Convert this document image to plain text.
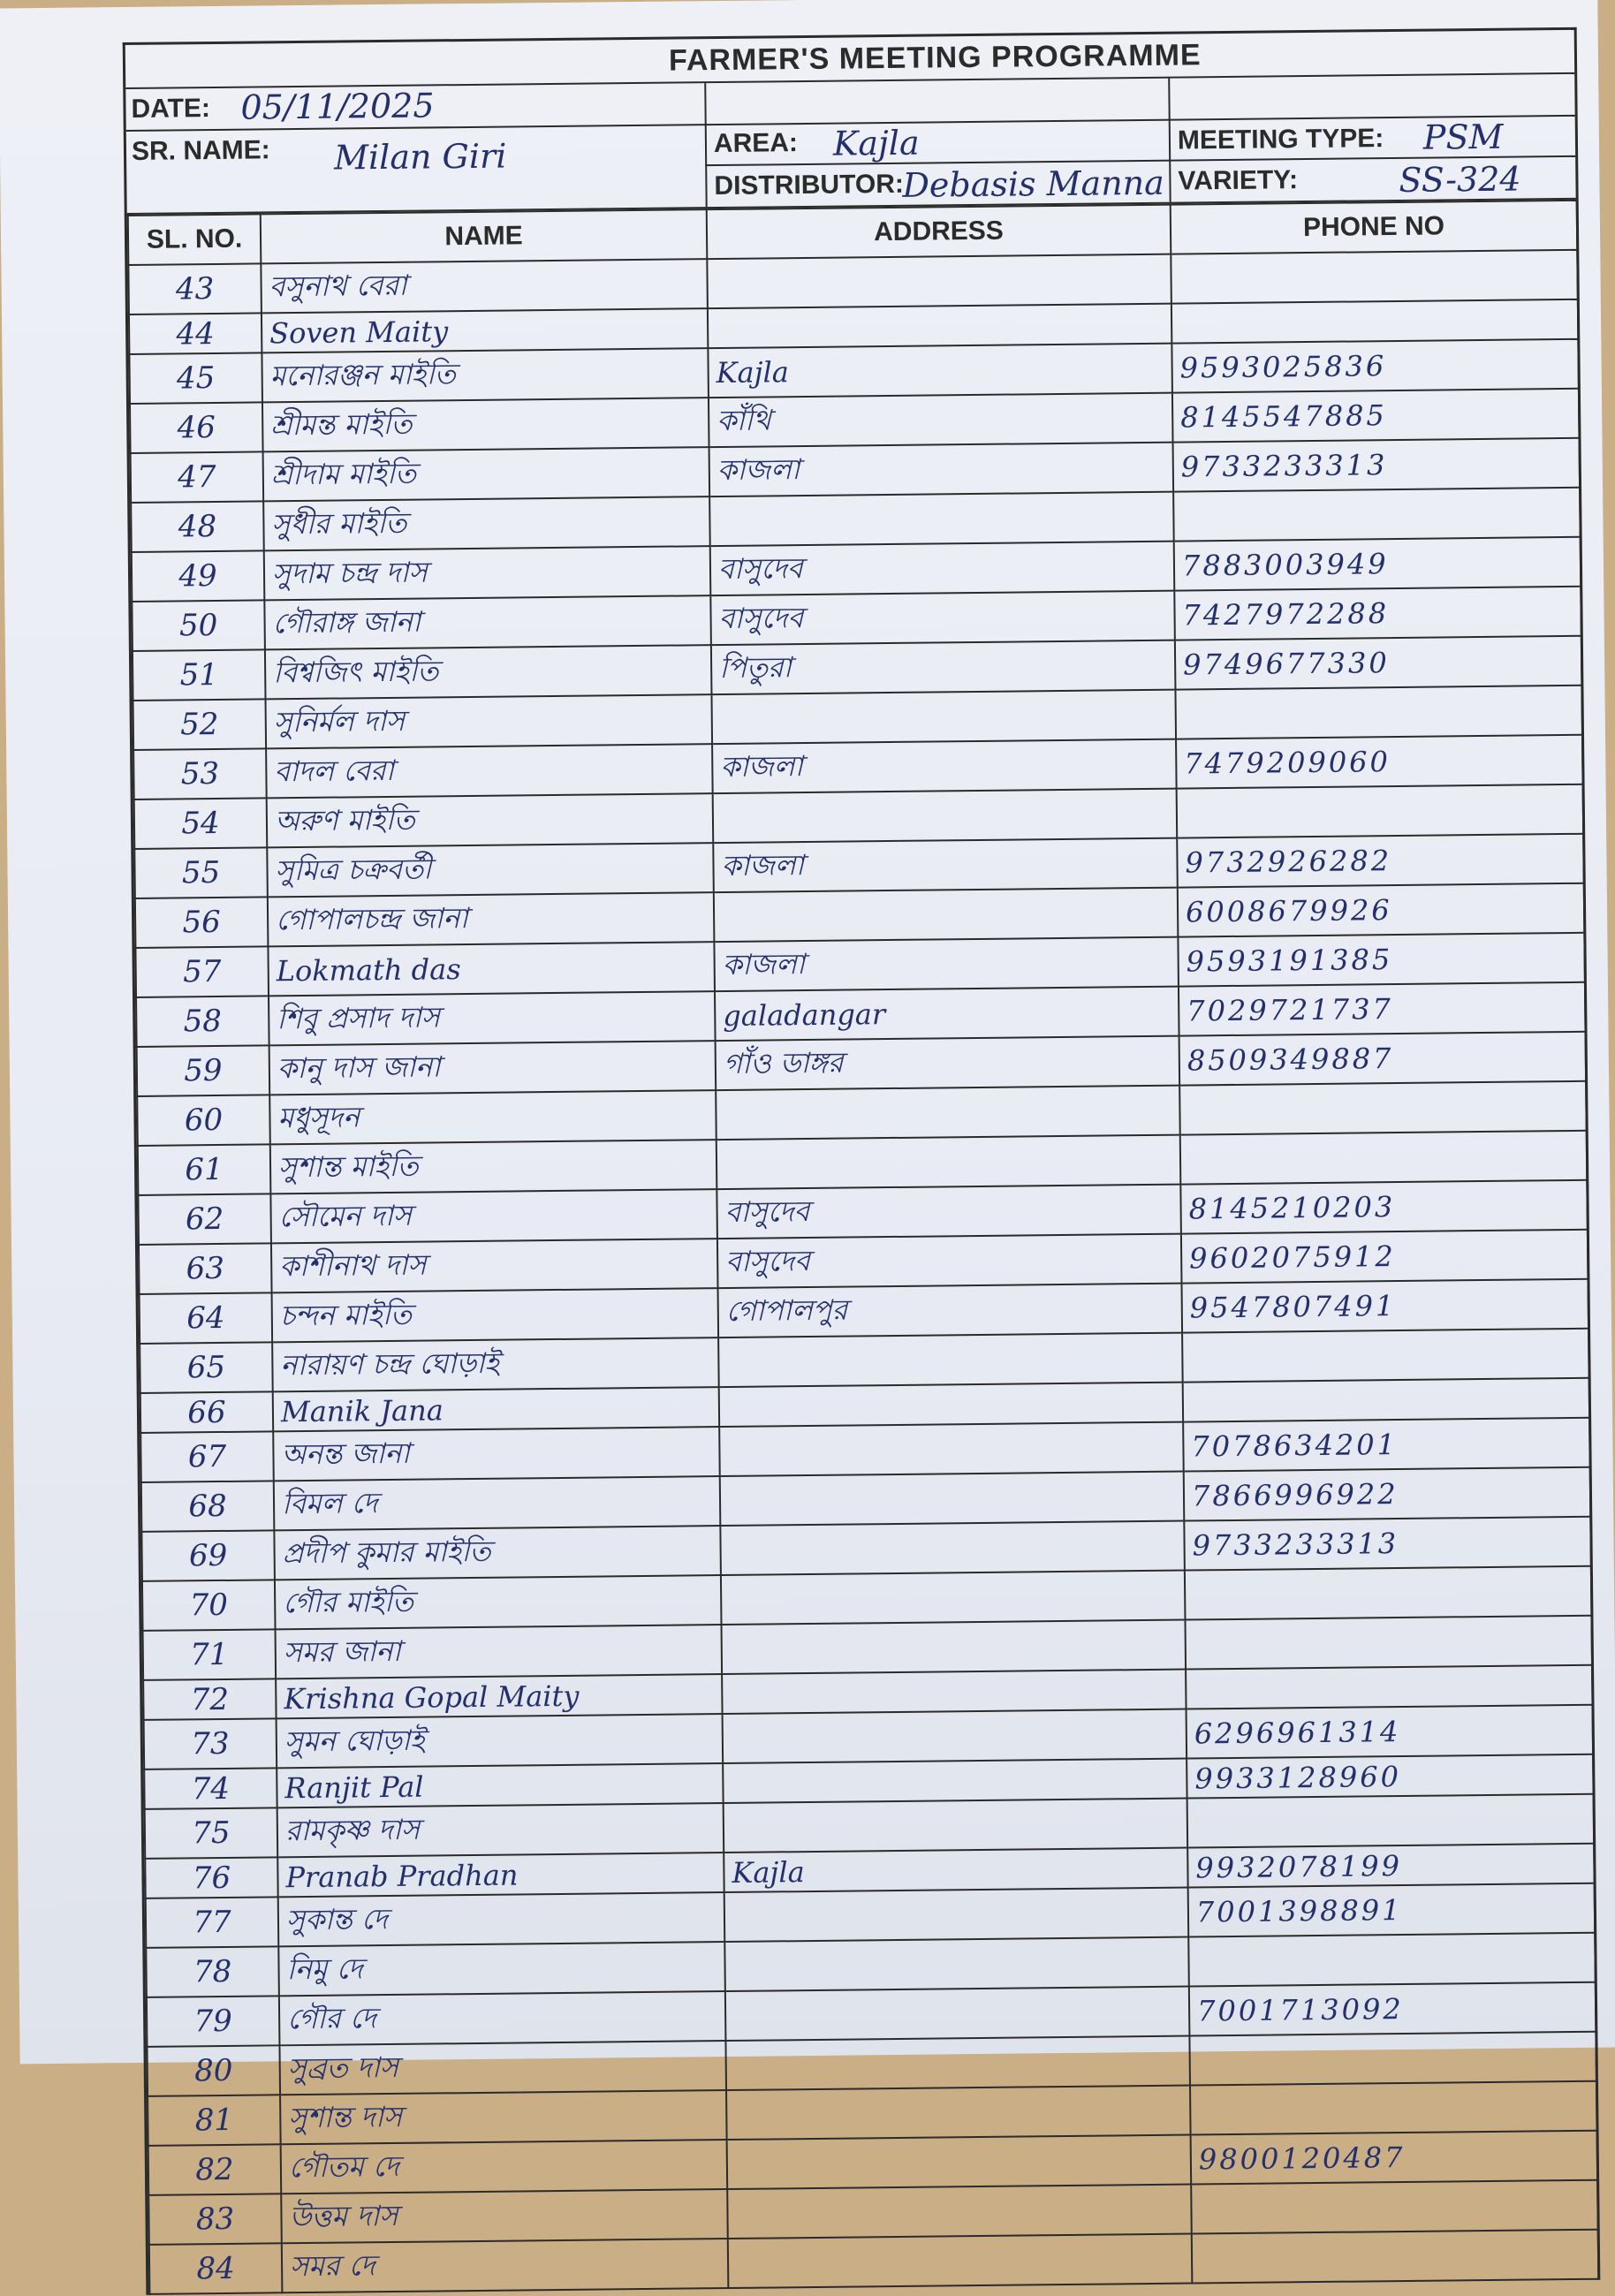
FARMER'S MEETING PROGRAMME
DATE: 05/11/2025
SR. NAME: Milan Giri	AREA: Kajla
DISTRIBUTOR:
Debasis Manna
MEETING TYPE: PSM
VARIETY:	SS-324
SL. NO.	NAME	ADDRESS	PHONE NO
43	বসুনাথ বেরা		
44	Soven Maity		
45	মনোরঞ্জন মাইতি	Kajla	9593025836
46	শ্রীমন্ত মাইতি	কাঁথি	8145547885
47	শ্রীদাম মাইতি	কাজলা	9733233313
48	সুধীর মাইতি		
49	সুদাম চন্দ্র দাস	বাসুদেব	7883003949
50	গৌরাঙ্গ জানা	বাসুদেব	7427972288
51	বিশ্বজিৎ মাইতি	পিতুরা	9749677330
52	সুনির্মল দাস		
53	বাদল বেরা	কাজলা	7479209060
54	অরুণ মাইতি		
55	সুমিত্র চক্রবর্তী	কাজলা	9732926282
56	গোপালচন্দ্র জানা		6008679926
57	Lokmath das	কাজলা	9593191385
58	শিবু প্রসাদ দাস	galadangar	7029721737
59	কানু দাস জানা	গাঁও ডাঙ্গর	8509349887
60	মধুসূদন		
61	সুশান্ত মাইতি		
62	সৌমেন দাস	বাসুদেব	8145210203
63	কাশীনাথ দাস	বাসুদেব	9602075912
64	চন্দন মাইতি	গোপালপুর	9547807491
65	নারায়ণ চন্দ্র ঘোড়াই		
66	Manik Jana		
67	অনন্ত জানা		7078634201
68	বিমল দে		7866996922
69	প্রদীপ কুমার মাইতি		9733233313
70	গৌর মাইতি		
71	সমর জানা		
72	Krishna Gopal Maity		
73	সুমন ঘোড়াই		6296961314
74	Ranjit Pal		9933128960
75	রামকৃষ্ণ দাস		
76	Pranab Pradhan	Kajla	9932078199
77	সুকান্ত দে		7001398891
78	নিমু দে		
79	গৌর দে		7001713092
80	সুব্রত দাস		
81	সুশান্ত দাস		
82	গৌতম দে		9800120487
83	উত্তম দাস		
84	সমর দে		
